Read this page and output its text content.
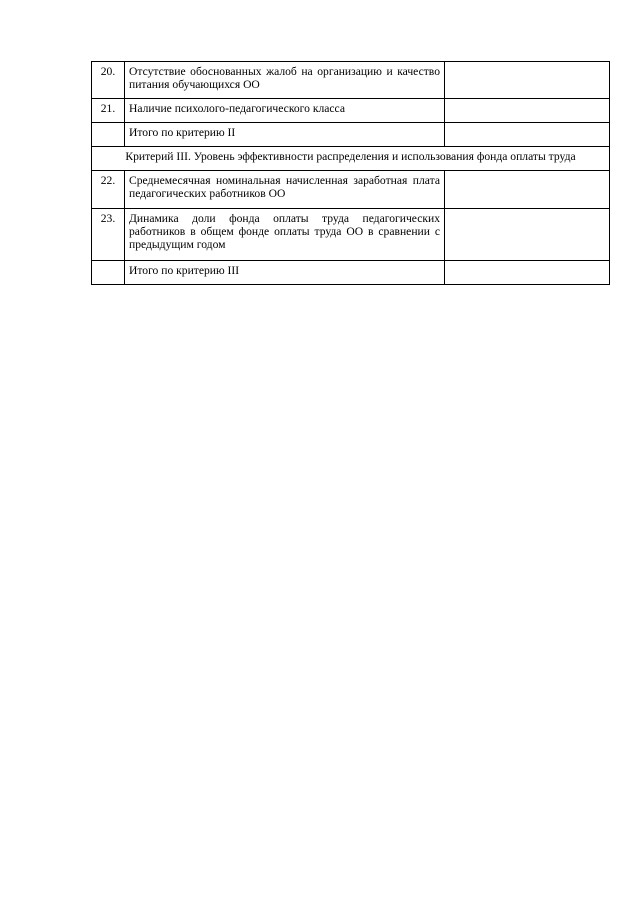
20.	Отсутствие обоснованных жалоб на организацию и качество питания обучающихся ОО	
21.	Наличие психолого-педагогического класса	
	Итого по критерию II	
Критерий III. Уровень эффективности распределения и использования фонда оплаты труда		
22.	Среднемесячная номинальная начисленная заработная плата педагогических работников ОО	
23.	Динамика доли фонда оплаты труда педагогических работников в общем фонде оплаты труда ОО в сравнении с предыдущим годом	
	Итого по критерию III	
